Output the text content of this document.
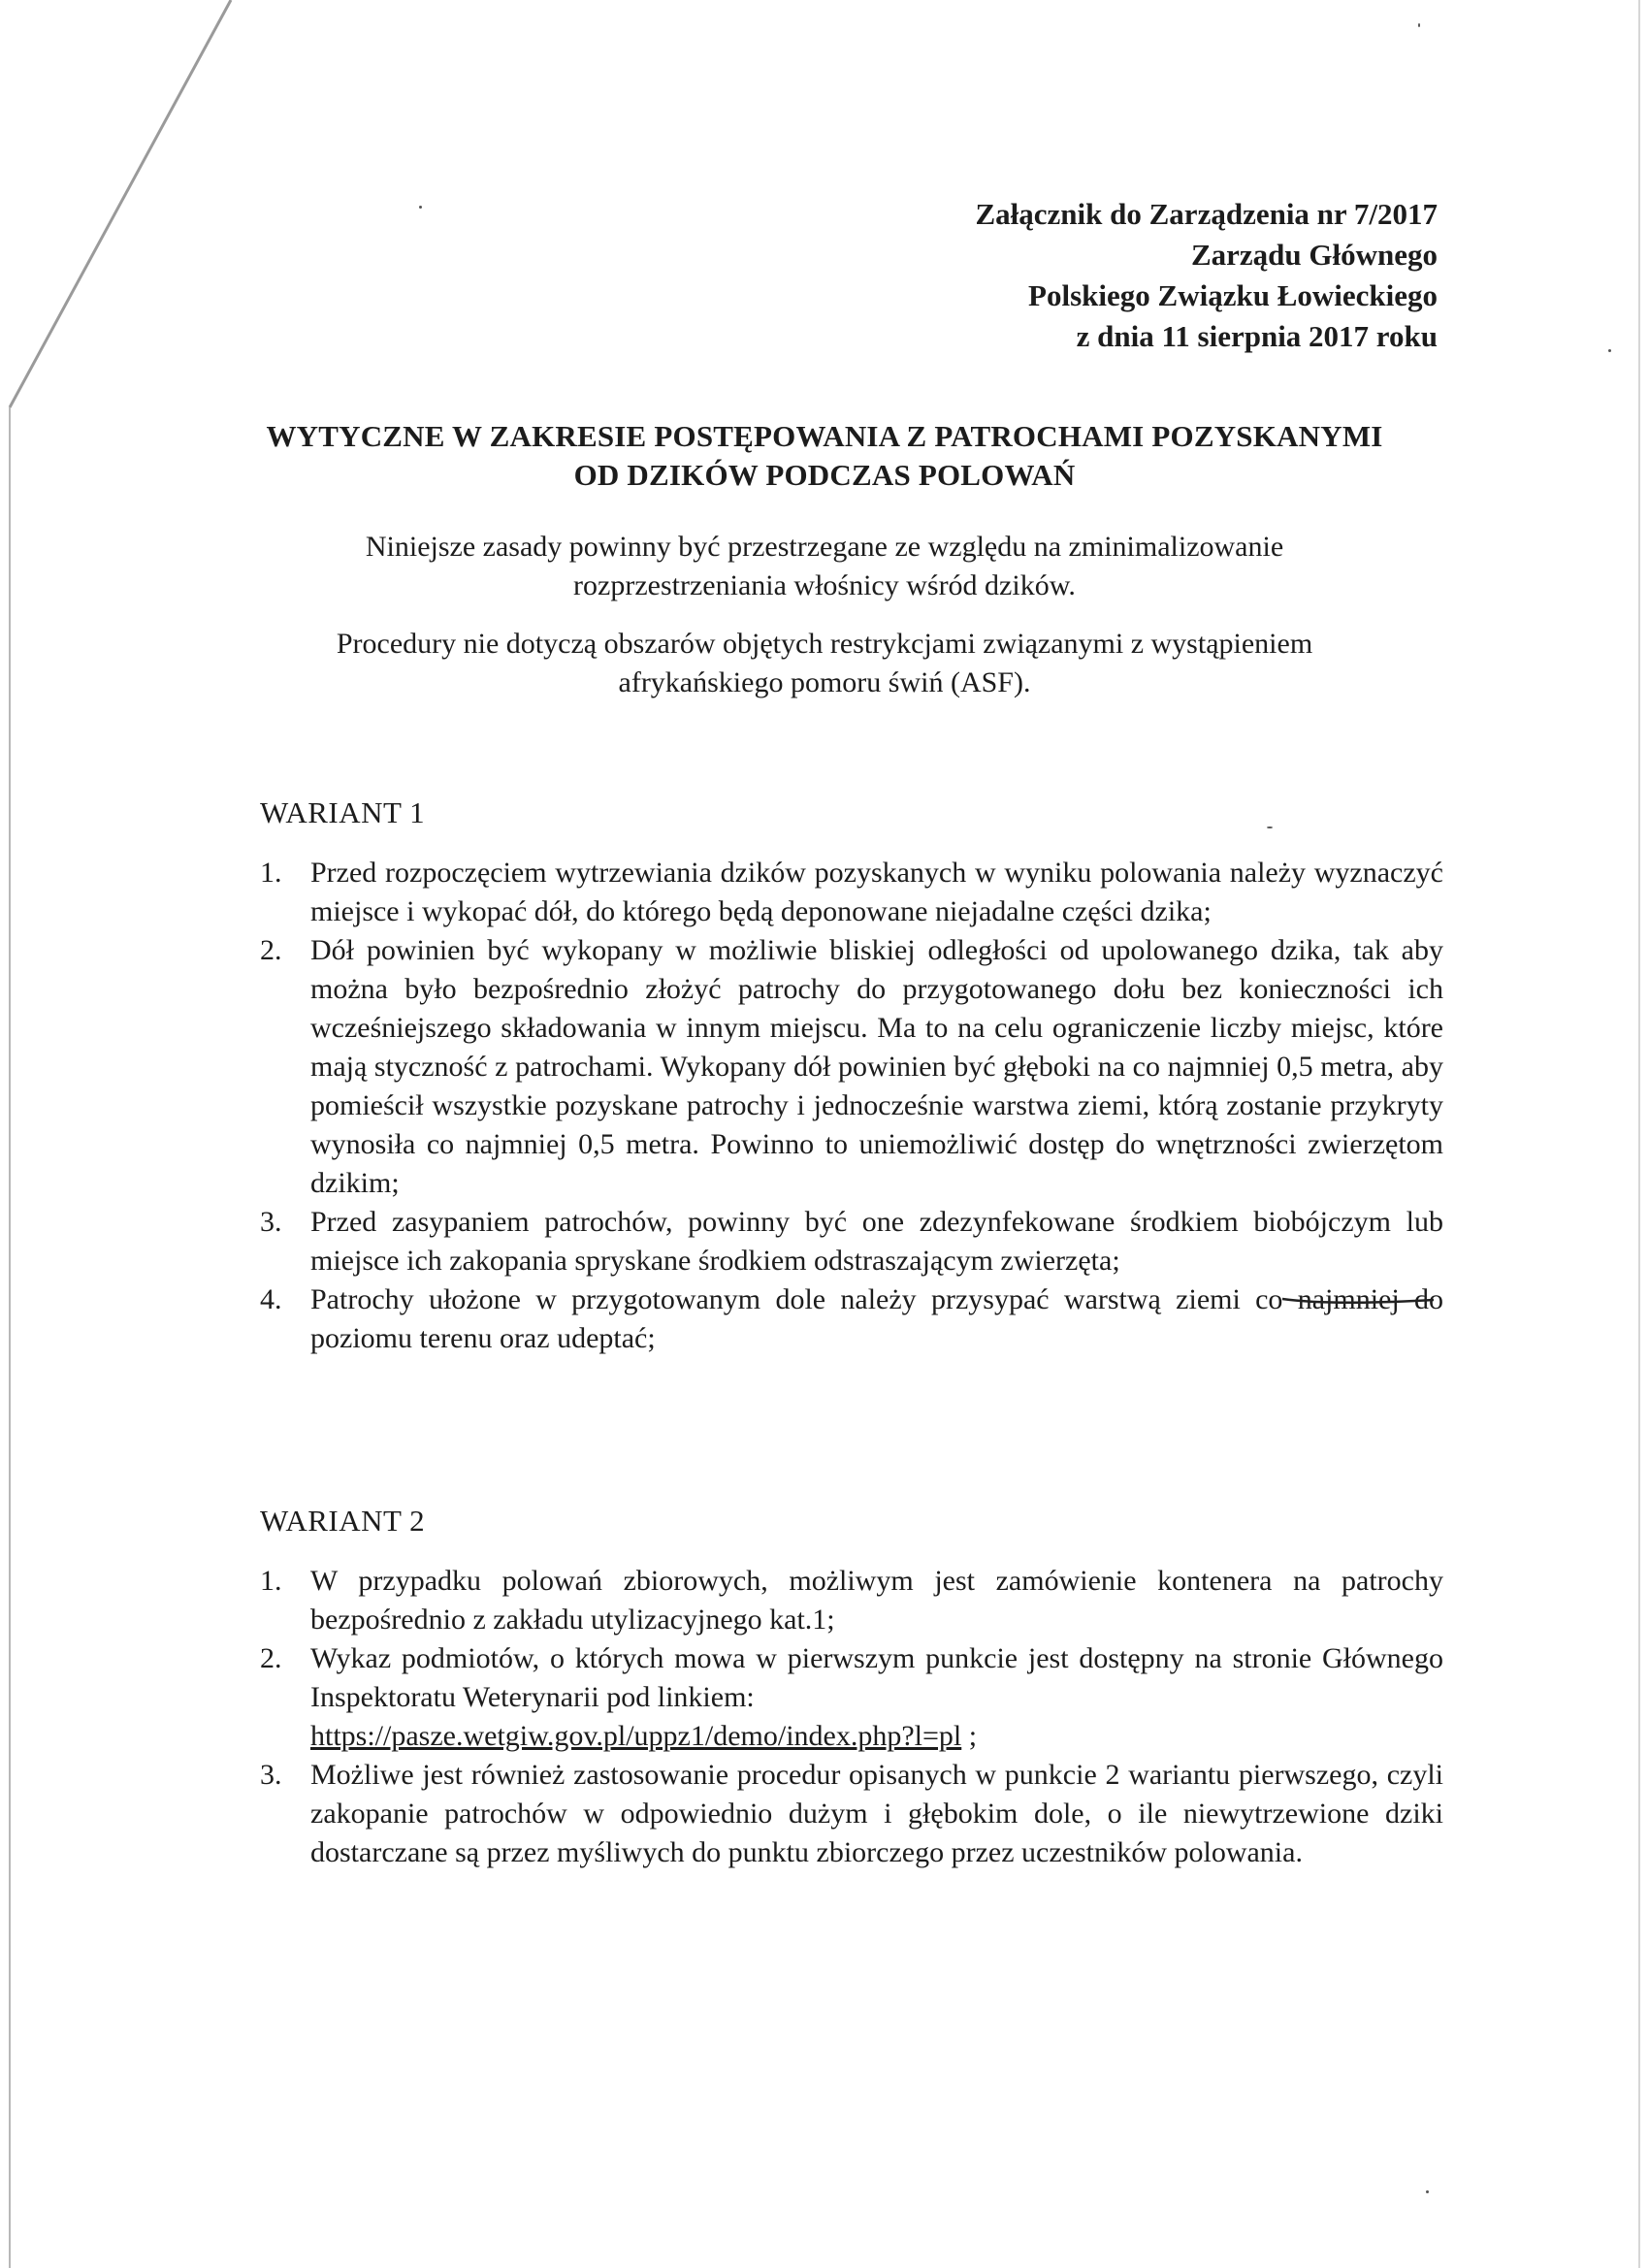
Załącznik do Zarządzenia nr 7/2017
Zarządu Głównego
Polskiego Związku Łowieckiego
z dnia 11 sierpnia 2017 roku
WYTYCZNE W ZAKRESIE POSTĘPOWANIA Z PATROCHAMI POZYSKANYMI
OD DZIKÓW PODCZAS POLOWAŃ

Niniejsze zasady powinny być przestrzegane ze względu na zminimalizowanie
rozprzestrzeniania włośnicy wśród dzików.

Procedury nie dotyczą obszarów objętych restrykcjami związanymi z wystąpieniem
afrykańskiego pomoru świń (ASF).

WARIANT 1
1. Przed rozpoczęciem wytrzewiania dzików pozyskanych w wyniku polowania należy wyznaczyć miejsce i wykopać dół, do którego będą deponowane niejadalne części dzika;
2. Dół powinien być wykopany w możliwie bliskiej odległości od upolowanego dzika, tak aby można było bezpośrednio złożyć patrochy do przygotowanego dołu bez konieczności ich wcześniejszego składowania w innym miejscu. Ma to na celu ograniczenie liczby miejsc, które mają styczność z patrochami. Wykopany dół powinien być głęboki na co najmniej 0,5 metra, aby pomieścił wszystkie pozyskane patrochy i jednocześnie warstwa ziemi, którą zostanie przykryty wynosiła co najmniej 0,5 metra. Powinno to uniemożliwić dostęp do wnętrzności zwierzętom dzikim;
3. Przed zasypaniem patrochów, powinny być one zdezynfekowane środkiem biobójczym lub miejsce ich zakopania spryskane środkiem odstraszającym zwierzęta;
4. Patrochy ułożone w przygotowanym dole należy przysypać warstwą ziemi co najmniej do poziomu terenu oraz udeptać;
WARIANT 2
1. W przypadku polowań zbiorowych, możliwym jest zamówienie kontenera na patrochy bezpośrednio z zakładu utylizacyjnego kat.1;
2. Wykaz podmiotów, o których mowa w pierwszym punkcie jest dostępny na stronie Głównego Inspektoratu Weterynarii pod linkiem:
https://pasze.wetgiw.gov.pl/uppz1/demo/index.php?l=pl ;
3. Możliwe jest również zastosowanie procedur opisanych w punkcie 2 wariantu pierwszego, czyli zakopanie patrochów w odpowiednio dużym i głębokim dole, o ile niewytrzewione dziki dostarczane są przez myśliwych do punktu zbiorczego przez uczestników polowania.
